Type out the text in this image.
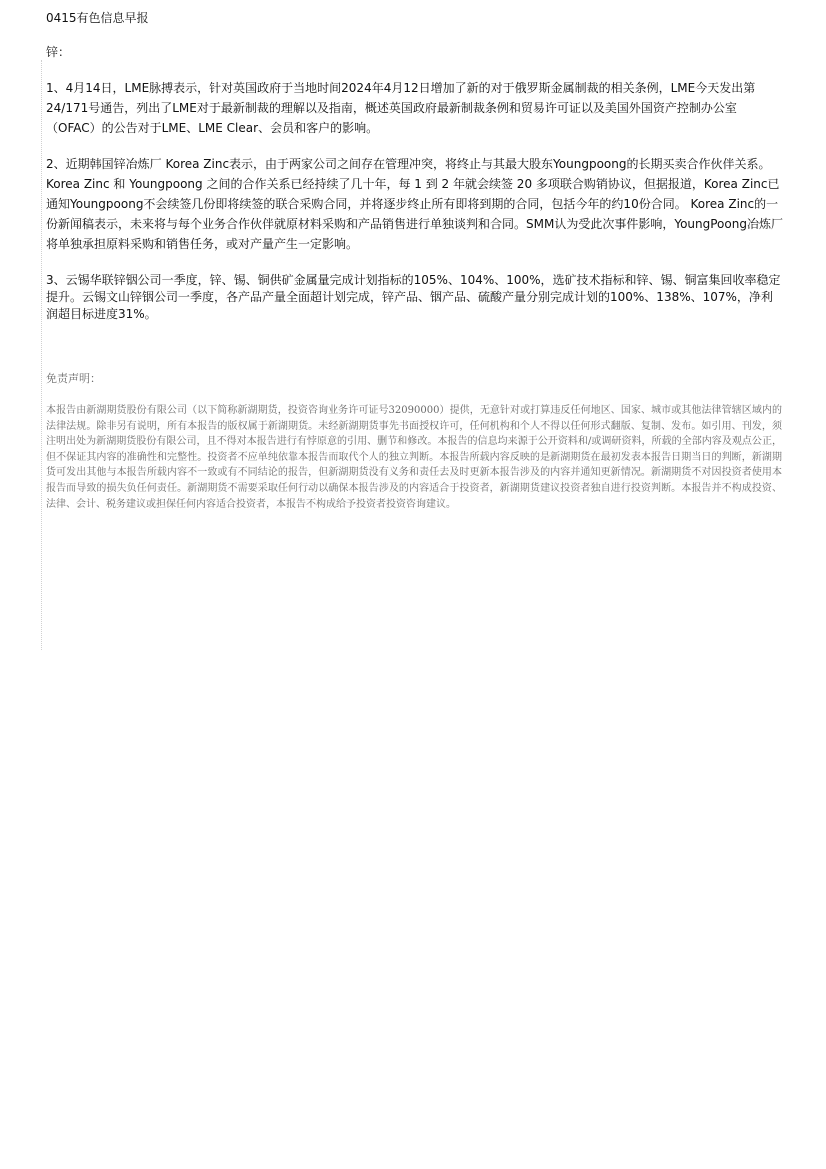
0415有色信息早报
锌：
1、4月14日，LME脉搏表示，针对英国政府于当地时间2024年4月12日增加了新的对于俄罗斯金属制裁的相关条例，LME今天发出第24/171号通告，列出了LME对于最新制裁的理解以及指南，概述英国政府最新制裁条例和贸易许可证以及美国外国资产控制办公室（OFAC）的公告对于LME、LME Clear、会员和客户的影响。
2、近期韩国锌冶炼厂 Korea Zinc表示，由于两家公司之间存在管理冲突，将终止与其最大股东Youngpoong的长期买卖合作伙伴关系。Korea Zinc 和 Youngpoong 之间的合作关系已经持续了几十年，每 1 到 2 年就会续签 20 多项联合购销协议，但据报道，Korea Zinc已通知Youngpoong不会续签几份即将续签的联合采购合同，并将逐步终止所有即将到期的合同，包括今年的约10份合同。 Korea Zinc的一份新闻稿表示，未来将与每个业务合作伙伴就原材料采购和产品销售进行单独谈判和合同。SMM认为受此次事件影响，YoungPoong冶炼厂将单独承担原料采购和销售任务，或对产量产生一定影响。
3、云锡华联锌铟公司一季度，锌、锡、铜供矿金属量完成计划指标的105%、104%、100%，选矿技术指标和锌、锡、铜富集回收率稳定提升。云锡文山锌铟公司一季度，各产品产量全面超计划完成，锌产品、铟产品、硫酸产量分别完成计划的100%、138%、107%，净利润超目标进度31%。
免责声明：
本报告由新湖期货股份有限公司（以下简称新湖期货，投资咨询业务许可证号32090000）提供，无意针对或打算违反任何地区、国家、城市或其他法律管辖区域内的法律法规。除非另有说明，所有本报告的版权属于新湖期货。未经新湖期货事先书面授权许可，任何机构和个人不得以任何形式翻版、复制、发布。如引用、刊发，须注明出处为新湖期货股份有限公司，且不得对本报告进行有悖原意的引用、删节和修改。本报告的信息均来源于公开资料和/或调研资料，所载的全部内容及观点公正，但不保证其内容的准确性和完整性。投资者不应单纯依靠本报告而取代个人的独立判断。本报告所载内容反映的是新湖期货在最初发表本报告日期当日的判断，新湖期货可发出其他与本报告所载内容不一致或有不同结论的报告，但新湖期货没有义务和责任去及时更新本报告涉及的内容并通知更新情况。新湖期货不对因投资者使用本报告而导致的损失负任何责任。新湖期货不需要采取任何行动以确保本报告涉及的内容适合于投资者，新湖期货建议投资者独自进行投资判断。本报告并不构成投资、法律、会计、税务建议或担保任何内容适合投资者，本报告不构成给予投资者投资咨询建议。
